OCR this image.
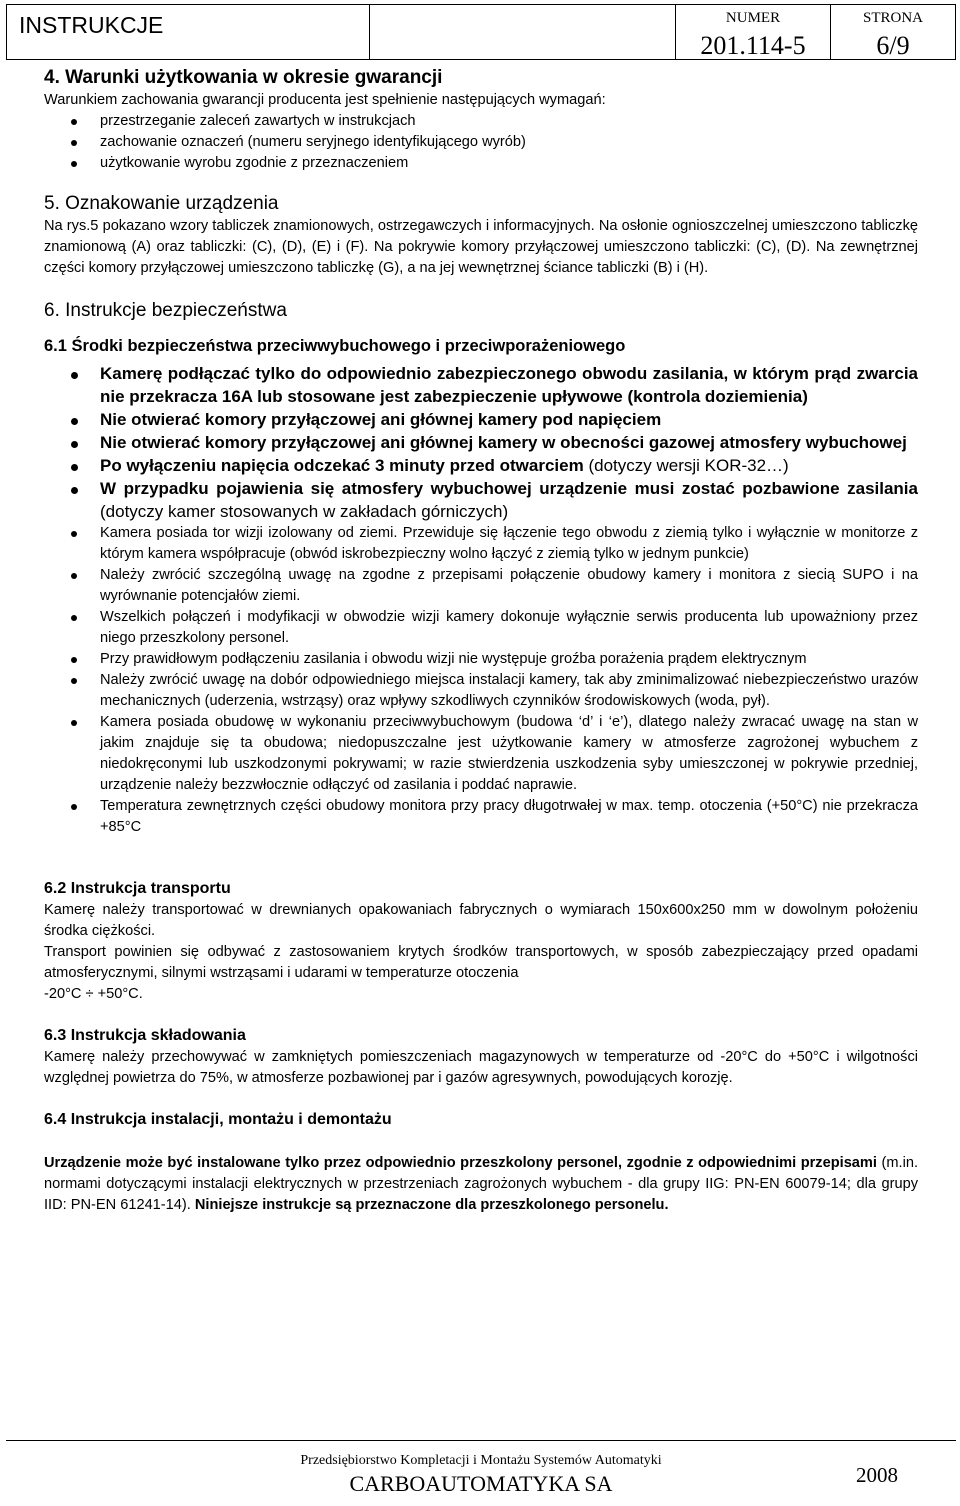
INSTRUKCJE	NUMER
201.114-5
STRONA
6/9
4. Warunki użytkowania w okresie gwarancji

Warunkiem zachowania gwarancji producenta jest spełnienie następujących wymagań:

przestrzeganie zaleceń zawartych w instrukcjach
zachowanie oznaczeń (numeru seryjnego identyfikującego wyrób)
użytkowanie wyrobu zgodnie z przeznaczeniem
5. Oznakowanie urządzenia

Na rys.5 pokazano wzory tabliczek znamionowych, ostrzegawczych i informacyjnych. Na osłonie ognioszczelnej umieszczono tabliczkę znamionową (A) oraz tabliczki: (C), (D), (E) i (F). Na pokrywie komory przyłączowej umieszczono tabliczki: (C), (D). Na zewnętrznej części komory przyłączowej umieszczono tabliczkę (G), a na jej wewnętrznej ściance tabliczki (B) i (H).

6. Instrukcje bezpieczeństwa
6.1 Środki bezpieczeństwa przeciwwybuchowego i przeciwporażeniowego
Kamerę podłączać tylko do odpowiednio zabezpieczonego obwodu zasilania, w którym prąd zwarcia nie przekracza 16A lub stosowane jest zabezpieczenie upływowe (kontrola doziemienia)
Nie otwierać komory przyłączowej ani głównej kamery pod napięciem
Nie otwierać komory przyłączowej ani głównej kamery w obecności gazowej atmosfery wybuchowej
Po wyłączeniu napięcia odczekać 3 minuty przed otwarciem (dotyczy wersji KOR-32…)
W przypadku pojawienia się atmosfery wybuchowej urządzenie musi zostać pozbawione zasilania (dotyczy kamer stosowanych w zakładach górniczych)
Kamera posiada tor wizji izolowany od ziemi. Przewiduje się łączenie tego obwodu z ziemią tylko i wyłącznie w monitorze z którym kamera współpracuje (obwód iskrobezpieczny wolno łączyć z ziemią tylko w jednym punkcie)
Należy zwrócić szczególną uwagę na zgodne z przepisami połączenie obudowy kamery i monitora z siecią SUPO i na wyrównanie potencjałów ziemi.
Wszelkich połączeń i modyfikacji w obwodzie wizji kamery dokonuje wyłącznie serwis producenta lub upoważniony przez niego przeszkolony personel.
Przy prawidłowym podłączeniu zasilania i obwodu wizji nie występuje groźba porażenia prądem elektrycznym
Należy zwrócić uwagę na dobór odpowiedniego miejsca instalacji kamery, tak aby zminimalizować niebezpieczeństwo urazów mechanicznych (uderzenia, wstrząsy) oraz wpływy szkodliwych czynników środowiskowych (woda, pył).
Kamera posiada obudowę w wykonaniu przeciwwybuchowym (budowa ‘d’ i ‘e’), dlatego należy zwracać uwagę na stan w jakim znajduje się ta obudowa; niedopuszczalne jest użytkowanie kamery w atmosferze zagrożonej wybuchem z niedokręconymi lub uszkodzonymi pokrywami; w razie stwierdzenia uszkodzenia syby umieszczonej w pokrywie przedniej, urządzenie należy bezzwłocznie odłączyć od zasilania i poddać naprawie.
Temperatura zewnętrznych części obudowy monitora przy pracy długotrwałej w max. temp. otoczenia (+50°C) nie przekracza +85°C
6.2 Instrukcja transportu

Kamerę należy transportować w drewnianych opakowaniach fabrycznych o wymiarach 150x600x250 mm w dowolnym położeniu środka ciężkości.

Transport powinien się odbywać z zastosowaniem krytych środków transportowych, w sposób zabezpieczający przed opadami atmosferycznymi, silnymi wstrząsami i udarami w temperaturze otoczenia

-20°C ÷ +50°C.

6.3 Instrukcja składowania

Kamerę należy przechowywać w zamkniętych pomieszczeniach magazynowych w temperaturze od -20°C do +50°C i wilgotności względnej powietrza do 75%, w atmosferze pozbawionej par i gazów agresywnych, powodujących korozję.

6.4 Instrukcja instalacji, montażu i demontażu

Urządzenie może być instalowane tylko przez odpowiednio przeszkolony personel, zgodnie z odpowiednimi przepisami (m.in. normami dotyczącymi instalacji elektrycznych w przestrzeniach zagrożonych wybuchem - dla grupy IIG: PN-EN 60079-14; dla grupy IID: PN-EN 61241-14). Niniejsze instrukcje są przeznaczone dla przeszkolonego personelu.

Przedsiębiorstwo Kompletacji i Montażu Systemów Automatyki
CARBOAUTOMATYKA SA	2008
